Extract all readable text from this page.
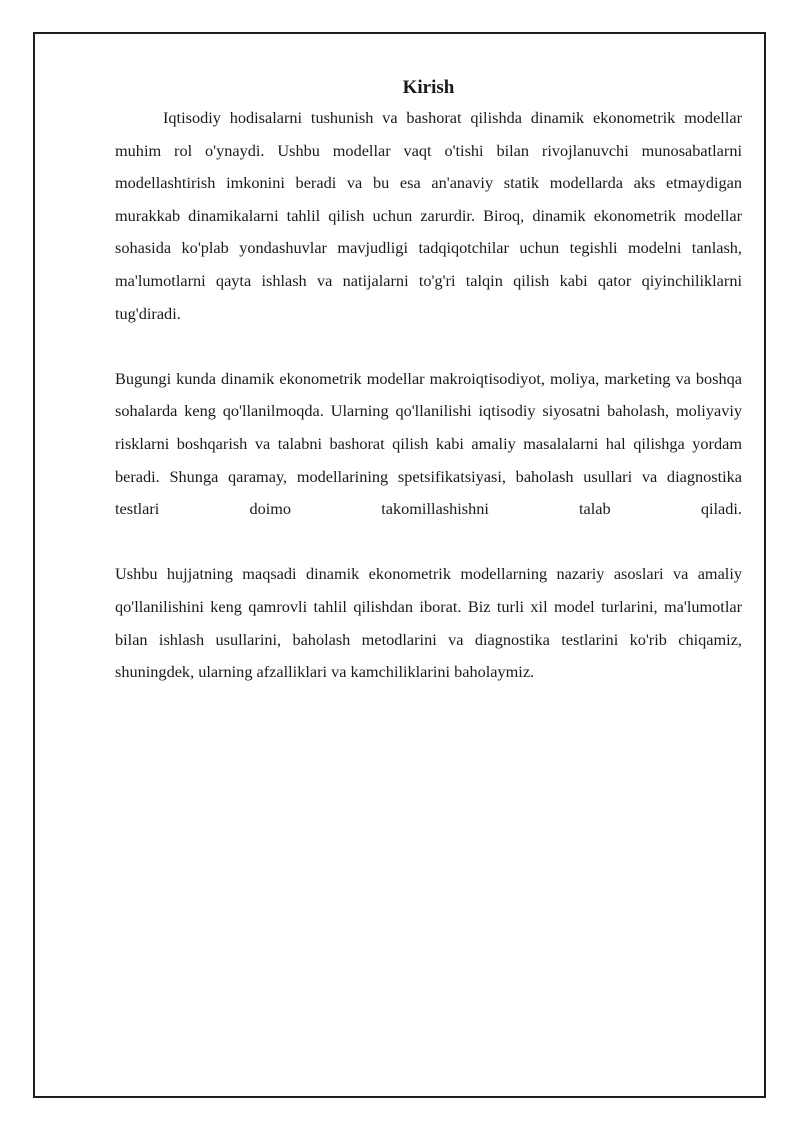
Kirish

Iqtisodiy hodisalarni tushunish va bashorat qilishda dinamik ekonometrik modellar muhim rol o'ynaydi. Ushbu modellar vaqt o'tishi bilan rivojlanuvchi munosabatlarni modellashtirish imkonini beradi va bu esa an'anaviy statik modellarda aks etmaydigan murakkab dinamikalarni tahlil qilish uchun zarurdir. Biroq, dinamik ekonometrik modellar sohasida ko'plab yondashuvlar mavjudligi tadqiqotchilar uchun tegishli modelni tanlash, ma'lumotlarni qayta ishlash va natijalarni to'g'ri talqin qilish kabi qator qiyinchiliklarni tug'diradi.

Bugungi kunda dinamik ekonometrik modellar makroiqtisodiyot, moliya, marketing va boshqa sohalarda keng qo'llanilmoqda. Ularning qo'llanilishi iqtisodiy siyosatni baholash, moliyaviy risklarni boshqarish va talabni bashorat qilish kabi amaliy masalalarni hal qilishga yordam beradi. Shunga qaramay, modellarining spetsifikatsiyasi, baholash usullari va diagnostika testlari doimo takomillashishni talab qiladi.

Ushbu hujjatning maqsadi dinamik ekonometrik modellarning nazariy asoslari va amaliy qo'llanilishini keng qamrovli tahlil qilishdan iborat. Biz turli xil model turlarini, ma'lumotlar bilan ishlash usullarini, baholash metodlarini va diagnostika testlarini ko'rib chiqamiz, shuningdek, ularning afzalliklari va kamchiliklarini baholaymiz.
